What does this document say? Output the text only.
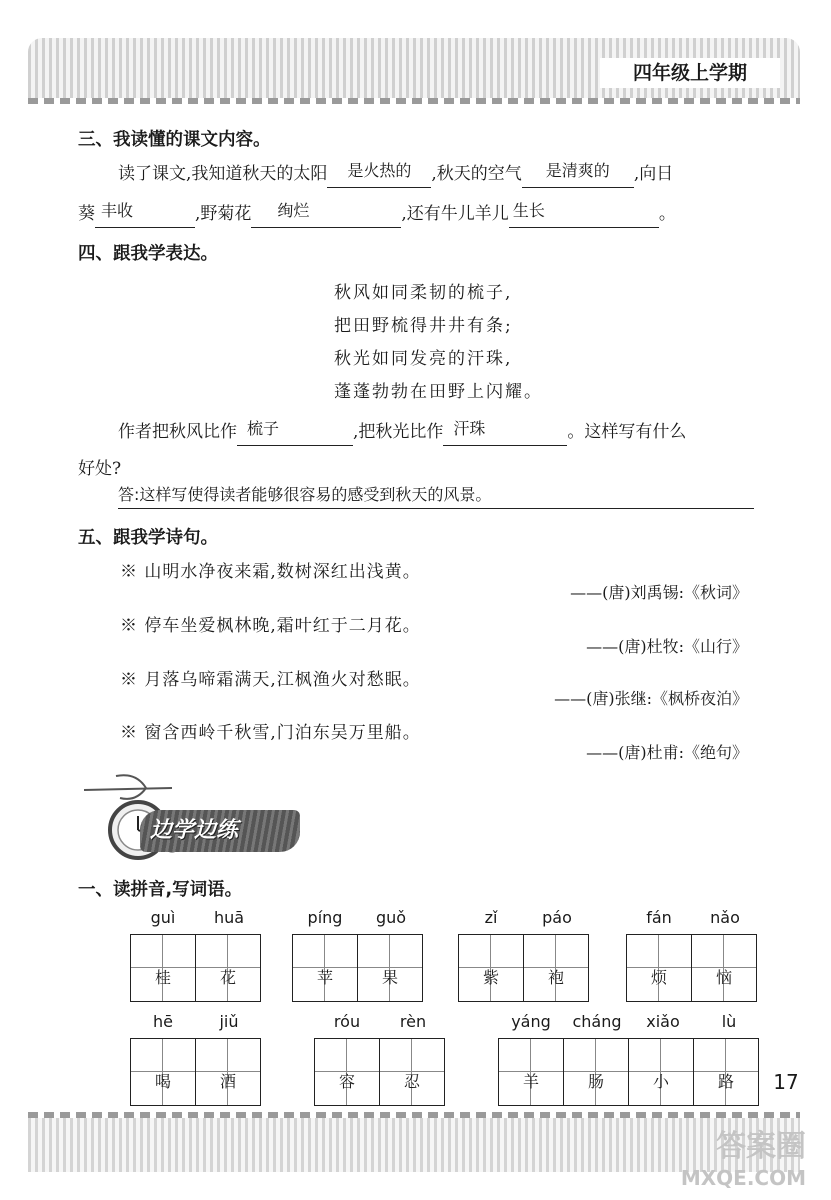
四年级上学期
三、我读懂的课文内容。
读了课文,我知道秋天的太阳	是火热的	,秋天的空气	是清爽的	,向日
葵 丰收	,野菊花	绚烂	,还有牛儿羊儿 生长	。
四、跟我学表达。
秋风如同柔韧的梳子,
把田野梳得井井有条;
秋光如同发亮的汗珠,
蓬蓬勃勃在田野上闪耀。
作者把秋风比作 梳子	,把秋光比作 汗珠	。这样写有什么
好处?
答:这样写使得读者能够很容易的感受到秋天的风景。
五、跟我学诗句。
※ 山明水净夜来霜,数树深红出浅黄。
——(唐)刘禹锡:《秋词》
※ 停车坐爱枫林晚,霜叶红于二月花。
——(唐)杜牧:《山行》
※ 月落乌啼霜满天,江枫渔火对愁眠。
——(唐)张继:《枫桥夜泊》
※ 窗含西岭千秋雪,门泊东吴万里船。
——(唐)杜甫:《绝句》
边学边练
一、读拼音,写词语。
guì	huā
桂	花
píng	guǒ
苹	果
zǐ	páo
紫	袍
fán	nǎo
烦	恼
hē	jiǔ
喝	酒
róu	rèn
容	忍
yáng	cháng	xiǎo	lù
羊	肠	小	路	17
答案圈
MXQE.COM
